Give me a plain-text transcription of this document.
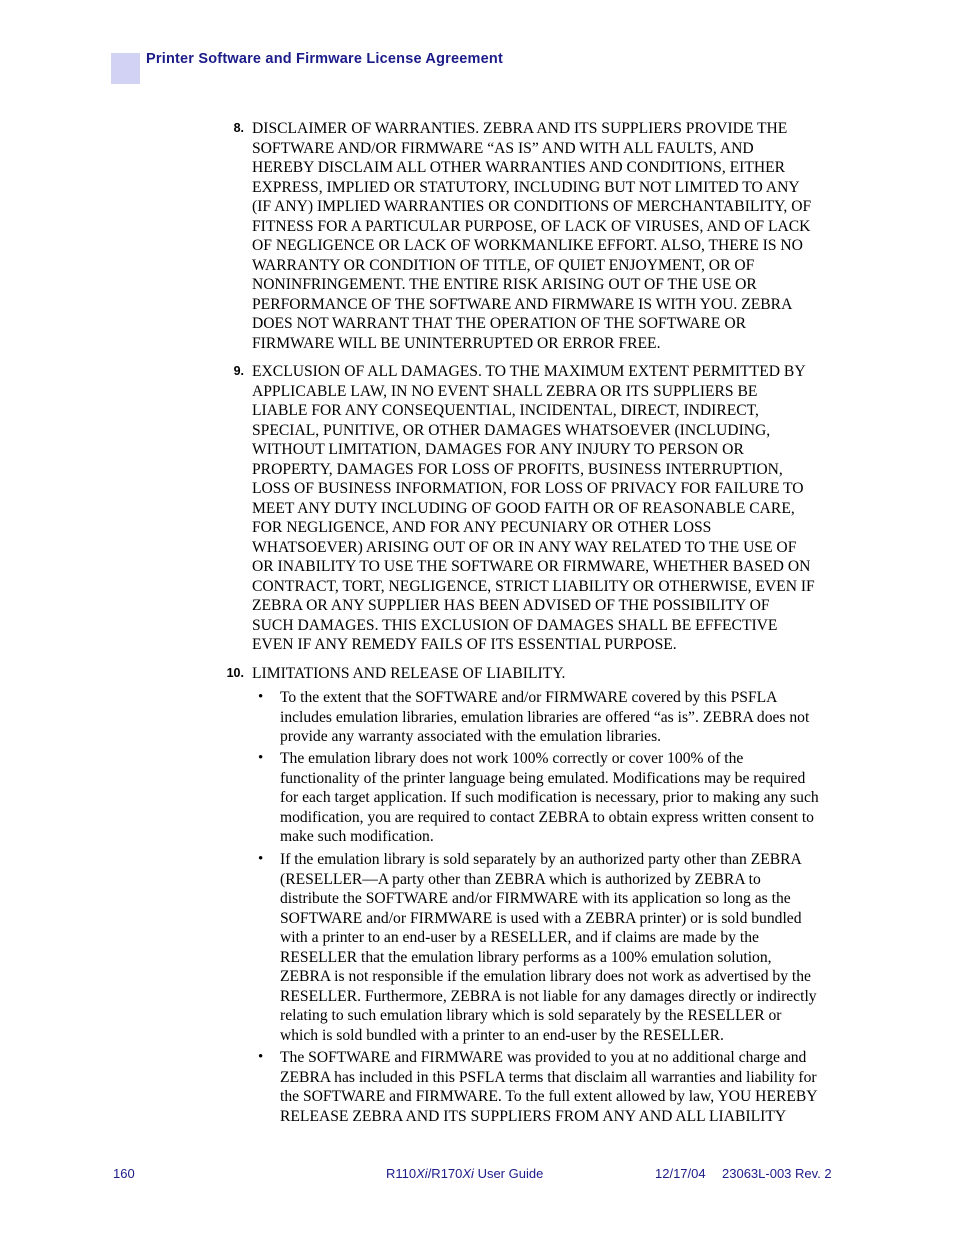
Printer Software and Firmware License Agreement
8. DISCLAIMER OF WARRANTIES. ZEBRA AND ITS SUPPLIERS PROVIDE THE
SOFTWARE AND/OR FIRMWARE “AS IS” AND WITH ALL FAULTS, AND
HEREBY DISCLAIM ALL OTHER WARRANTIES AND CONDITIONS, EITHER
EXPRESS, IMPLIED OR STATUTORY, INCLUDING BUT NOT LIMITED TO ANY
(IF ANY) IMPLIED WARRANTIES OR CONDITIONS OF MERCHANTABILITY, OF
FITNESS FOR A PARTICULAR PURPOSE, OF LACK OF VIRUSES, AND OF LACK
OF NEGLIGENCE OR LACK OF WORKMANLIKE EFFORT. ALSO, THERE IS NO
WARRANTY OR CONDITION OF TITLE, OF QUIET ENJOYMENT, OR OF
NONINFRINGEMENT. THE ENTIRE RISK ARISING OUT OF THE USE OR
PERFORMANCE OF THE SOFTWARE AND FIRMWARE IS WITH YOU. ZEBRA
DOES NOT WARRANT THAT THE OPERATION OF THE SOFTWARE OR
FIRMWARE WILL BE UNINTERRUPTED OR ERROR FREE.
9. EXCLUSION OF ALL DAMAGES. TO THE MAXIMUM EXTENT PERMITTED BY
APPLICABLE LAW, IN NO EVENT SHALL ZEBRA OR ITS SUPPLIERS BE
LIABLE FOR ANY CONSEQUENTIAL, INCIDENTAL, DIRECT, INDIRECT,
SPECIAL, PUNITIVE, OR OTHER DAMAGES WHATSOEVER (INCLUDING,
WITHOUT LIMITATION, DAMAGES FOR ANY INJURY TO PERSON OR
PROPERTY, DAMAGES FOR LOSS OF PROFITS, BUSINESS INTERRUPTION,
LOSS OF BUSINESS INFORMATION, FOR LOSS OF PRIVACY FOR FAILURE TO
MEET ANY DUTY INCLUDING OF GOOD FAITH OR OF REASONABLE CARE,
FOR NEGLIGENCE, AND FOR ANY PECUNIARY OR OTHER LOSS
WHATSOEVER) ARISING OUT OF OR IN ANY WAY RELATED TO THE USE OF
OR INABILITY TO USE THE SOFTWARE OR FIRMWARE, WHETHER BASED ON
CONTRACT, TORT, NEGLIGENCE, STRICT LIABILITY OR OTHERWISE, EVEN IF
ZEBRA OR ANY SUPPLIER HAS BEEN ADVISED OF THE POSSIBILITY OF
SUCH DAMAGES. THIS EXCLUSION OF DAMAGES SHALL BE EFFECTIVE
EVEN IF ANY REMEDY FAILS OF ITS ESSENTIAL PURPOSE.
10. LIMITATIONS AND RELEASE OF LIABILITY.
• To the extent that the SOFTWARE and/or FIRMWARE covered by this PSFLA
includes emulation libraries, emulation libraries are offered “as is”. ZEBRA does not
provide any warranty associated with the emulation libraries.
• The emulation library does not work 100% correctly or cover 100% of the
functionality of the printer language being emulated. Modifications may be required
for each target application. If such modification is necessary, prior to making any such
modification, you are required to contact ZEBRA to obtain express written consent to
make such modification.
• If the emulation library is sold separately by an authorized party other than ZEBRA
(RESELLER—A party other than ZEBRA which is authorized by ZEBRA to
distribute the SOFTWARE and/or FIRMWARE with its application so long as the
SOFTWARE and/or FIRMWARE is used with a ZEBRA printer) or is sold bundled
with a printer to an end-user by a RESELLER, and if claims are made by the
RESELLER that the emulation library performs as a 100% emulation solution,
ZEBRA is not responsible if the emulation library does not work as advertised by the
RESELLER. Furthermore, ZEBRA is not liable for any damages directly or indirectly
relating to such emulation library which is sold separately by the RESELLER or
which is sold bundled with a printer to an end-user by the RESELLER.
• The SOFTWARE and FIRMWARE was provided to you at no additional charge and
ZEBRA has included in this PSFLA terms that disclaim all warranties and liability for
the SOFTWARE and FIRMWARE. To the full extent allowed by law, YOU HEREBY
RELEASE ZEBRA AND ITS SUPPLIERS FROM ANY AND ALL LIABILITY
160	R110Xi/R170Xi User Guide	12/17/04 23063L-003 Rev. 2
